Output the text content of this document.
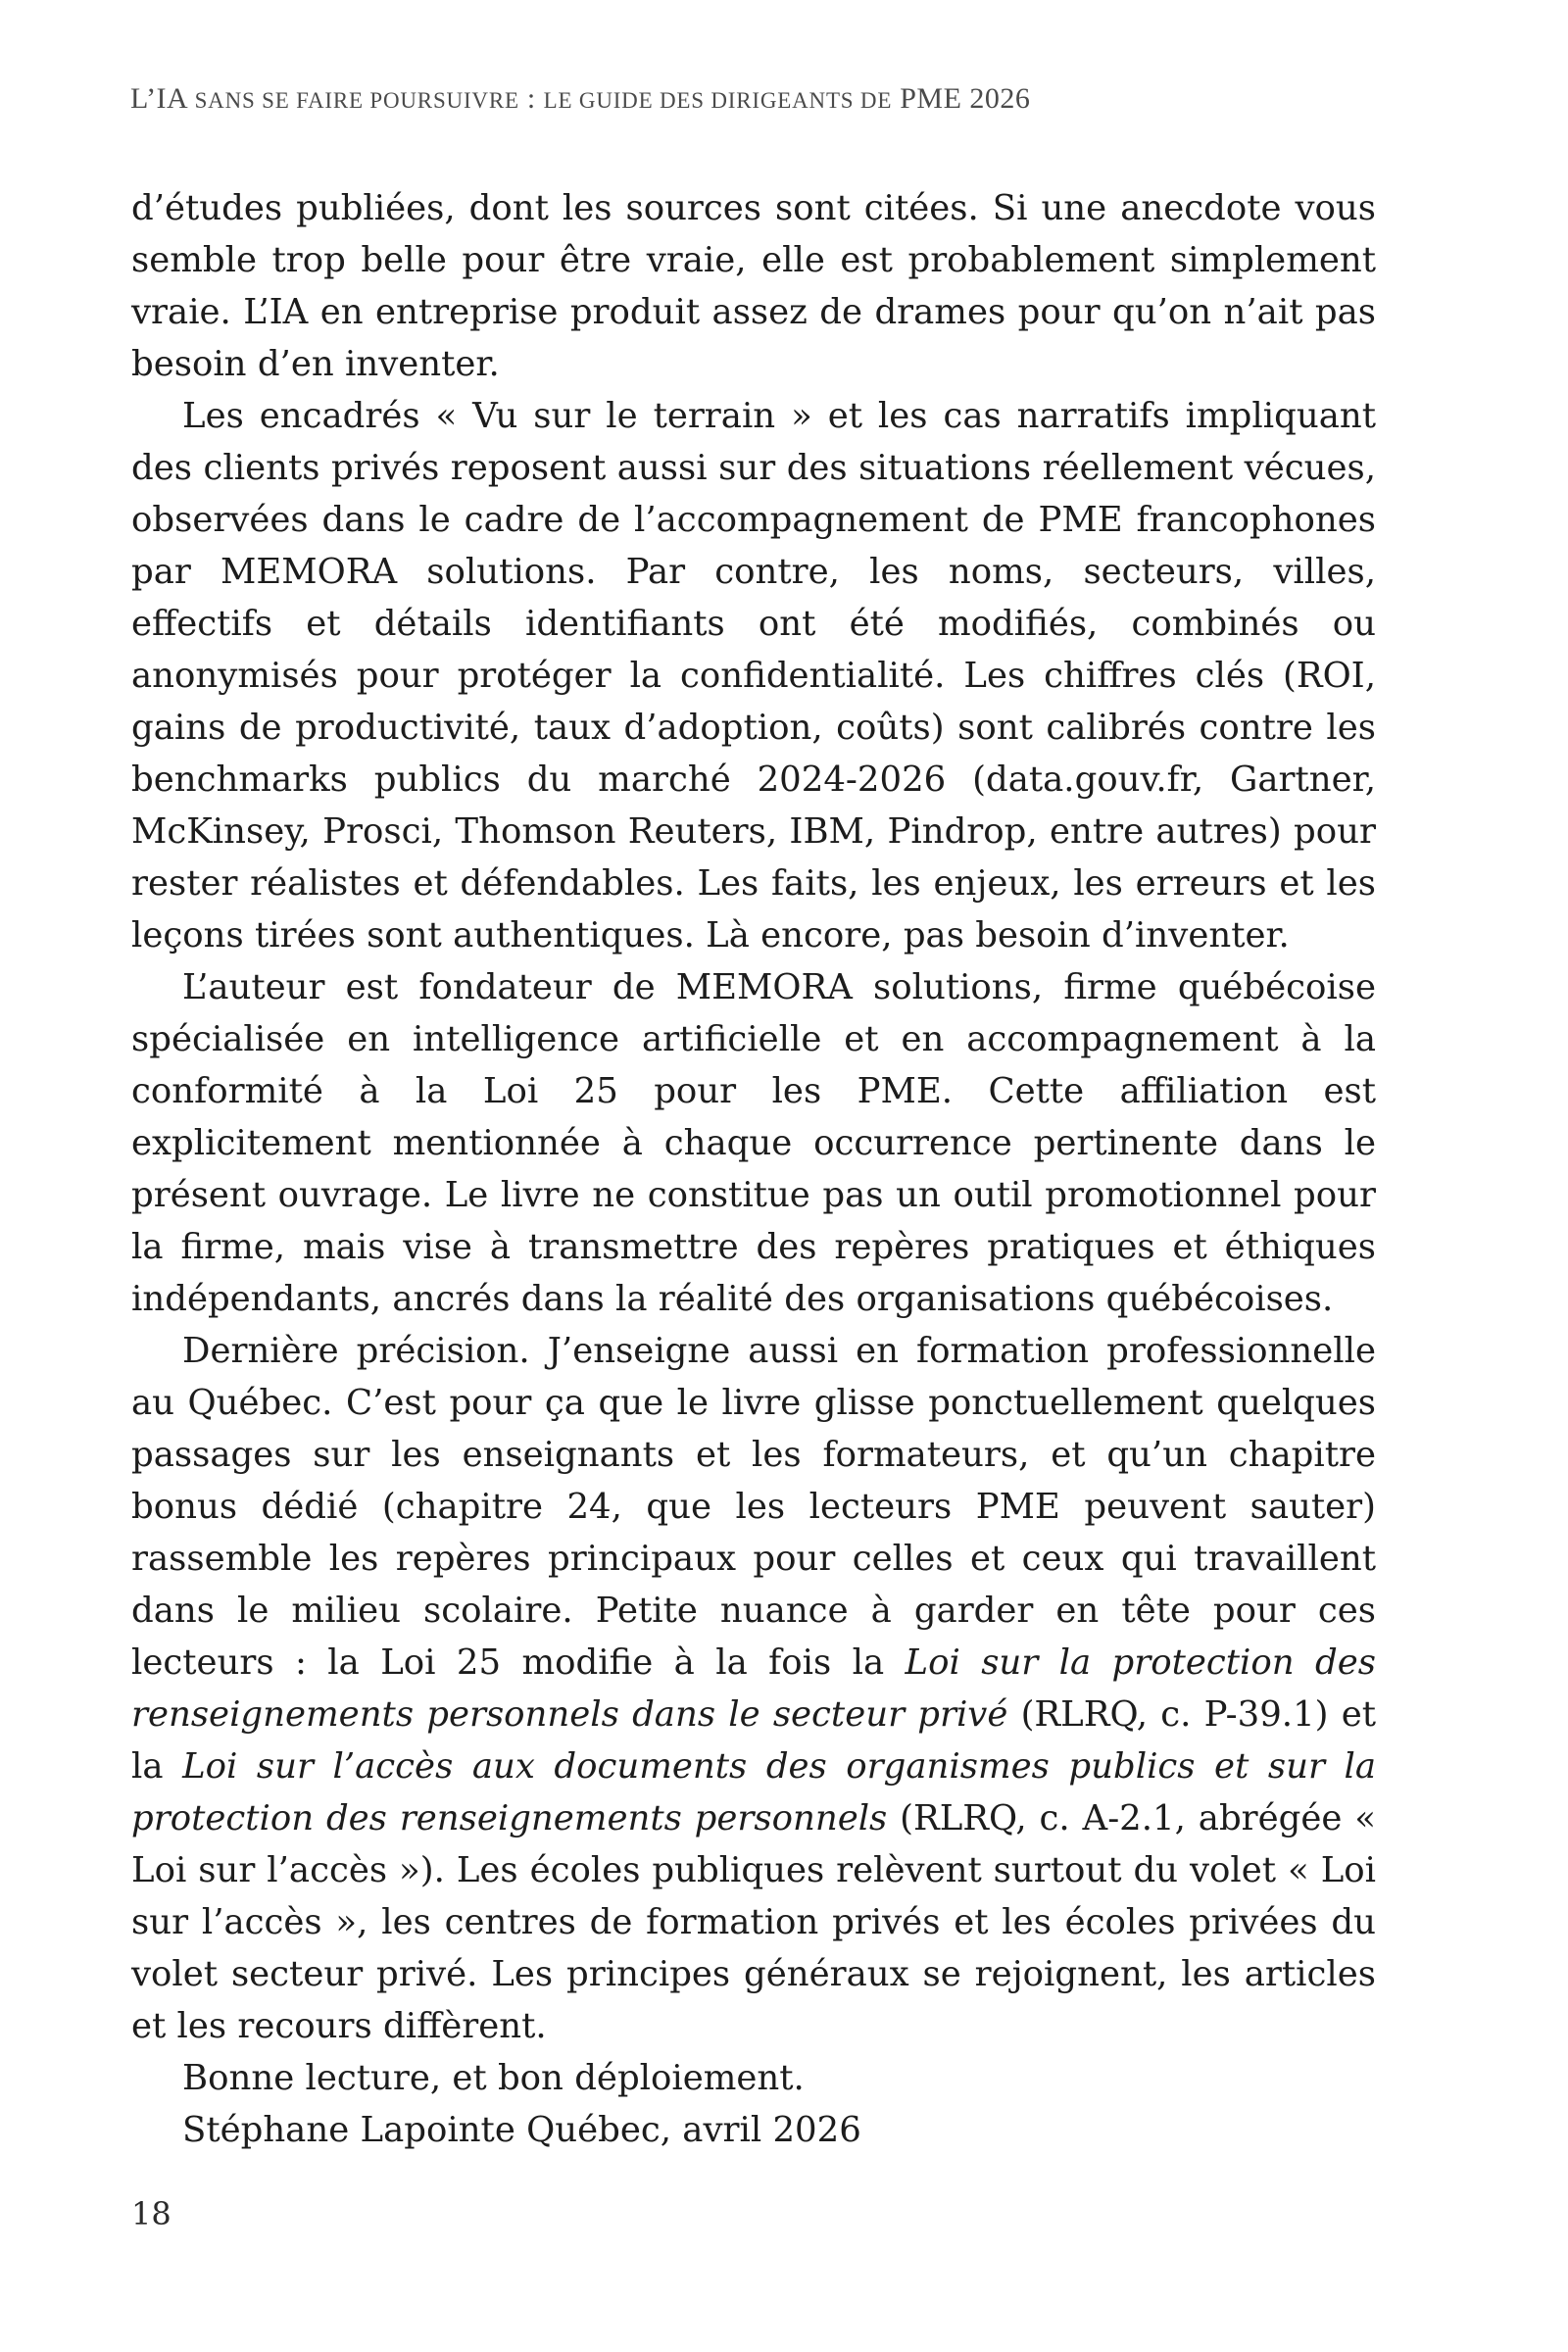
L’IA SANS SE FAIRE POURSUIVRE : LE GUIDE DES DIRIGEANTS DE PME 2026

d’études publiées, dont les sources sont citées. Si une anecdote vous semble trop belle pour être vraie, elle est probablement simplement vraie. L’IA en entreprise produit assez de drames pour qu’on n’ait pas besoin d’en inventer.

Les encadrés « Vu sur le terrain » et les cas narratifs impliquant des clients privés reposent aussi sur des situations réellement vécues, observées dans le cadre de l’accompagnement de PME francophones par MEMORA solutions. Par contre, les noms, secteurs, villes, effectifs et détails identifiants ont été modifiés, combinés ou anonymisés pour protéger la confidentialité. Les chiffres clés (ROI, gains de productivité, taux d’adoption, coûts) sont calibrés contre les benchmarks publics du marché 2024-2026 (data.gouv.fr, Gartner, McKinsey, Prosci, Thomson Reuters, IBM, Pindrop, entre autres) pour rester réalistes et défendables. Les faits, les enjeux, les erreurs et les leçons tirées sont authentiques. Là encore, pas besoin d’inventer.

L’auteur est fondateur de MEMORA solutions, firme québécoise spécialisée en intelligence artificielle et en accompagnement à la conformité à la Loi 25 pour les PME. Cette affiliation est explicitement mentionnée à chaque occurrence pertinente dans le présent ouvrage. Le livre ne constitue pas un outil promotionnel pour la firme, mais vise à transmettre des repères pratiques et éthiques indépendants, ancrés dans la réalité des organisations québécoises.

Dernière précision. J’enseigne aussi en formation professionnelle au Québec. C’est pour ça que le livre glisse ponctuellement quelques passages sur les enseignants et les formateurs, et qu’un chapitre bonus dédié (chapitre 24, que les lecteurs PME peuvent sauter) rassemble les repères principaux pour celles et ceux qui travaillent dans le milieu scolaire. Petite nuance à garder en tête pour ces lecteurs : la Loi 25 modifie à la fois la Loi sur la protection des renseignements personnels dans le secteur privé (RLRQ, c. P-39.1) et la Loi sur l’accès aux documents des organismes publics et sur la protection des renseignements personnels (RLRQ, c. A-2.1, abrégée « Loi sur l’accès »). Les écoles publiques relèvent surtout du volet « Loi sur l’accès », les centres de formation privés et les écoles privées du volet secteur privé. Les principes généraux se rejoignent, les articles et les recours diffèrent.

Bonne lecture, et bon déploiement.

Stéphane Lapointe Québec, avril 2026

18
